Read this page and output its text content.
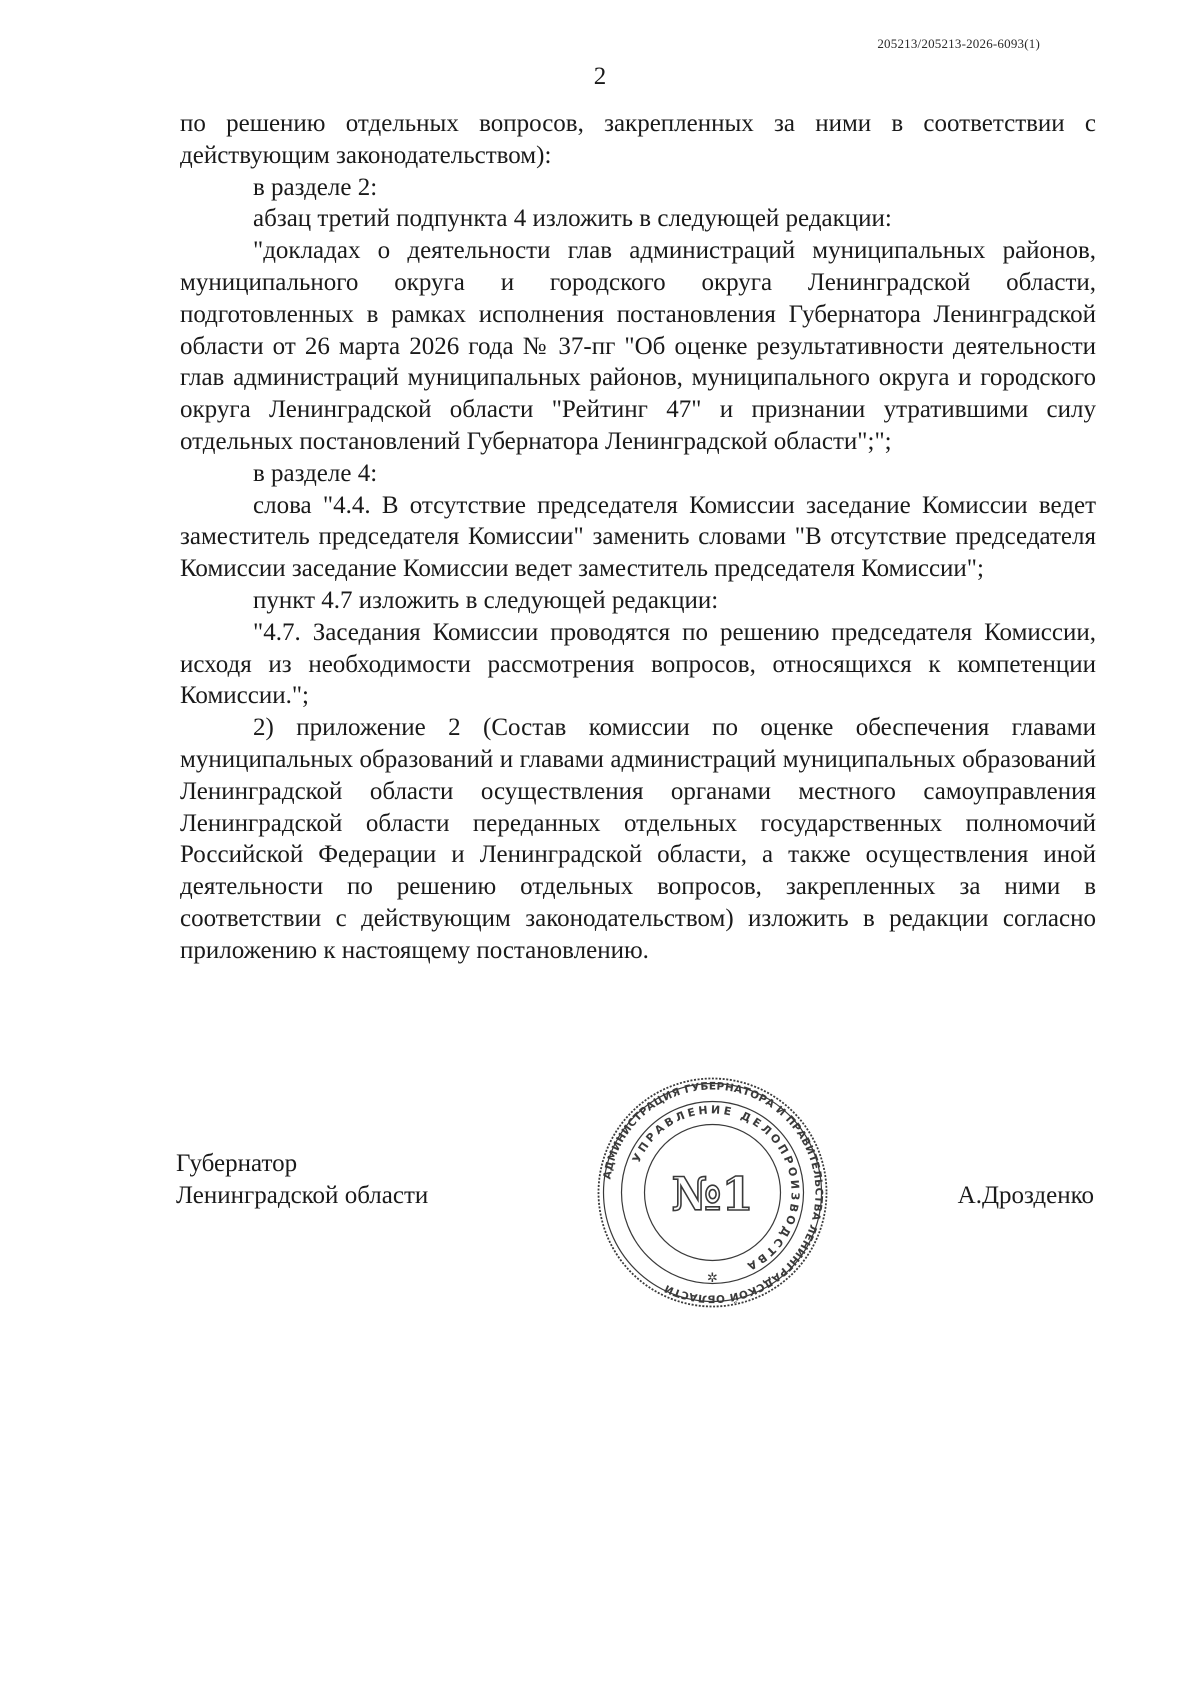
205213/205213-2026-6093(1)
2

по решению отдельных вопросов, закрепленных за ними в соответствии с действующим законодательством):

в разделе 2:

абзац третий подпункта 4 изложить в следующей редакции:

"докладах о деятельности глав администраций муниципальных районов, муниципального округа и городского округа Ленинградской области, подготовленных в рамках исполнения постановления Губернатора Ленинградской области от 26 марта 2026 года № 37-пг "Об оценке результативности деятельности глав администраций муниципальных районов, муниципального округа и городского округа Ленинградской области "Рейтинг 47" и признании утратившими силу отдельных постановлений Губернатора Ленинградской области";";

в разделе 4:

слова "4.4. В отсутствие председателя Комиссии заседание Комиссии ведет заместитель председателя Комиссии" заменить словами "В отсутствие председателя Комиссии заседание Комиссии ведет заместитель председателя Комиссии";

пункт 4.7 изложить в следующей редакции:

"4.7. Заседания Комиссии проводятся по решению председателя Комиссии, исходя из необходимости рассмотрения вопросов, относящихся к компетенции Комиссии.";

2) приложение 2 (Состав комиссии по оценке обеспечения главами муниципальных образований и главами администраций муниципальных образований Ленинградской области осуществления органами местного самоуправления Ленинградской области переданных отдельных государственных полномочий Российской Федерации и Ленинградской области, а также осуществления иной деятельности по решению отдельных вопросов, закрепленных за ними в соответствии с действующим законодательством) изложить в редакции согласно приложению к настоящему постановлению.

Губернатор
Ленинградской области	А.Дрозденко
АДМИНИСТРАЦИЯ ГУБЕРНАТОРА И ПРАВИТЕЛЬСТВА ЛЕНИНГРАДСКОЙ ОБЛАСТИ
УПРАВЛЕНИЕ ДЕЛОПРОИЗВОДСТВА
№1
✲
